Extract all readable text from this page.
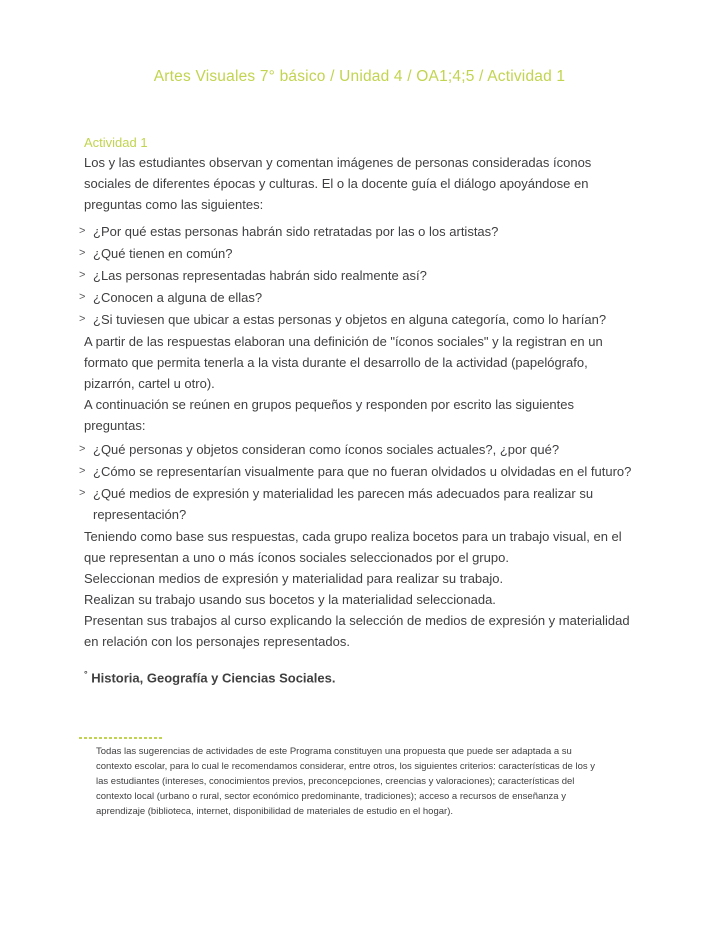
Artes Visuales 7° básico / Unidad 4 / OA1;4;5 / Actividad 1
Actividad 1

Los y las estudiantes observan y comentan imágenes de personas consideradas íconos sociales de diferentes épocas y culturas. El o la docente guía el diálogo apoyándose en preguntas como las siguientes:

> ¿Por qué estas personas habrán sido retratadas por las o los artistas?
> ¿Qué tienen en común?
> ¿Las personas representadas habrán sido realmente así?
> ¿Conocen a alguna de ellas?
> ¿Si tuviesen que ubicar a estas personas y objetos en alguna categoría, como lo harían?

A partir de las respuestas elaboran una definición de "íconos sociales" y la registran en un formato que permita tenerla a la vista durante el desarrollo de la actividad (papelógrafo, pizarrón, cartel u otro).

A continuación se reúnen en grupos pequeños y responden por escrito las siguientes preguntas:

> ¿Qué personas y objetos consideran como íconos sociales actuales?, ¿por qué?
> ¿Cómo se representarían visualmente para que no fueran olvidados u olvidadas en el futuro?
> ¿Qué medios de expresión y materialidad les parecen más adecuados para realizar su representación?

Teniendo como base sus respuestas, cada grupo realiza bocetos para un trabajo visual, en el que representan a uno o más íconos sociales seleccionados por el grupo.

Seleccionan medios de expresión y materialidad para realizar su trabajo.

Realizan su trabajo usando sus bocetos y la materialidad seleccionada.

Presentan sus trabajos al curso explicando la selección de medios de expresión y materialidad en relación con los personajes representados.

° Historia, Geografía y Ciencias Sociales.

Todas las sugerencias de actividades de este Programa constituyen una propuesta que puede ser adaptada a su contexto escolar, para lo cual le recomendamos considerar, entre otros, los siguientes criterios: características de los y las estudiantes (intereses, conocimientos previos, preconcepciones, creencias y valoraciones); características del contexto local (urbano o rural, sector económico predominante, tradiciones); acceso a recursos de enseñanza y aprendizaje (biblioteca, internet, disponibilidad de materiales de estudio en el hogar).
